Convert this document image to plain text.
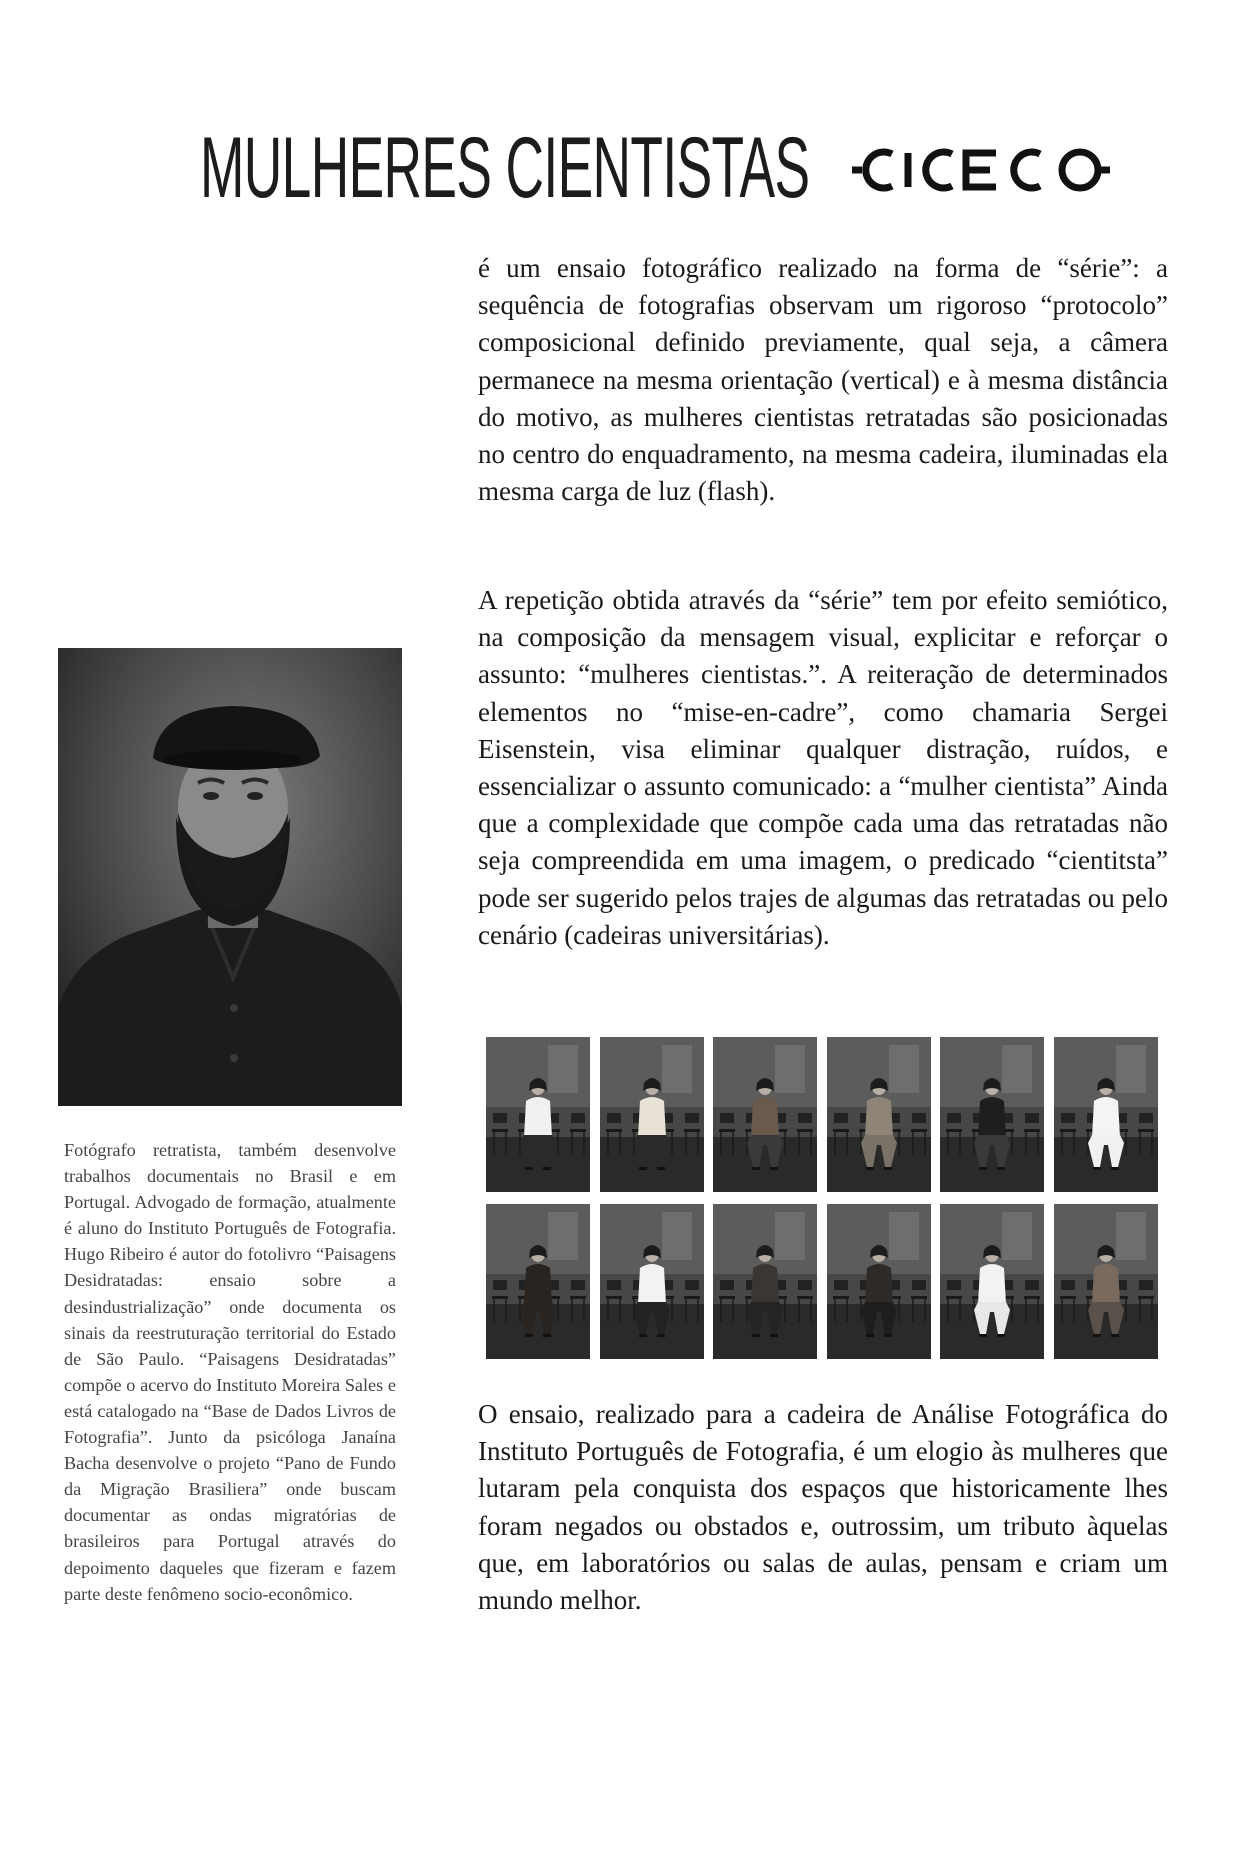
MULHERES CIENTISTAS
é um ensaio fotográfico realizado na forma de “série”: a sequência de fotografias observam um rigoroso “protocolo” composicional definido previamente, qual seja, a câmera permanece na mesma orientação (vertical) e à mesma distância do motivo, as mulheres cientistas retratadas são posicionadas no centro do enquadramento, na mesma cadeira, iluminadas ela mesma carga de luz (flash).
A repetição obtida através da “série” tem por efeito semiótico, na composição da mensagem visual, explicitar e reforçar o assunto: “mulheres cientistas.”. A reiteração de determinados elementos no “mise-en-cadre”, como chamaria Sergei Eisenstein, visa eliminar qualquer distração, ruídos, e essencializar o assunto comunicado: a “mulher cientista” Ainda que a complexidade que compõe cada uma das retratadas não seja compreendida em uma imagem, o predicado “cientitsta” pode ser sugerido pelos trajes de algumas das retratadas ou pelo cenário (cadeiras universitárias).
Fotógrafo retratista, também desenvolve trabalhos documentais no Brasil e em Portugal. Advogado de formação, atualmente é aluno do Instituto Português de Fotografia. Hugo Ribeiro é autor do fotolivro “Paisagens Desidratadas: ensaio sobre a desindustrialização” onde documenta os sinais da reestruturação territorial do Estado de São Paulo. “Paisagens Desidratadas” compõe o acervo do Instituto Moreira Sales e está catalogado na “Base de Dados Livros de Fotografia”. Junto da psicóloga Janaína Bacha desenvolve o projeto “Pano de Fundo da Migração Brasiliera” onde buscam documentar as ondas migratórias de brasileiros para Portugal através do depoimento daqueles que fizeram e fazem parte deste fenômeno socio-econômico.
O ensaio, realizado para a cadeira de Análise Fotográfica do Instituto Português de Fotografia, é um elogio às mulheres que lutaram pela conquista dos espaços que historicamente lhes foram negados ou obstados e, outrossim, um tributo àquelas que, em laboratórios ou salas de aulas, pensam e criam um mundo melhor.
